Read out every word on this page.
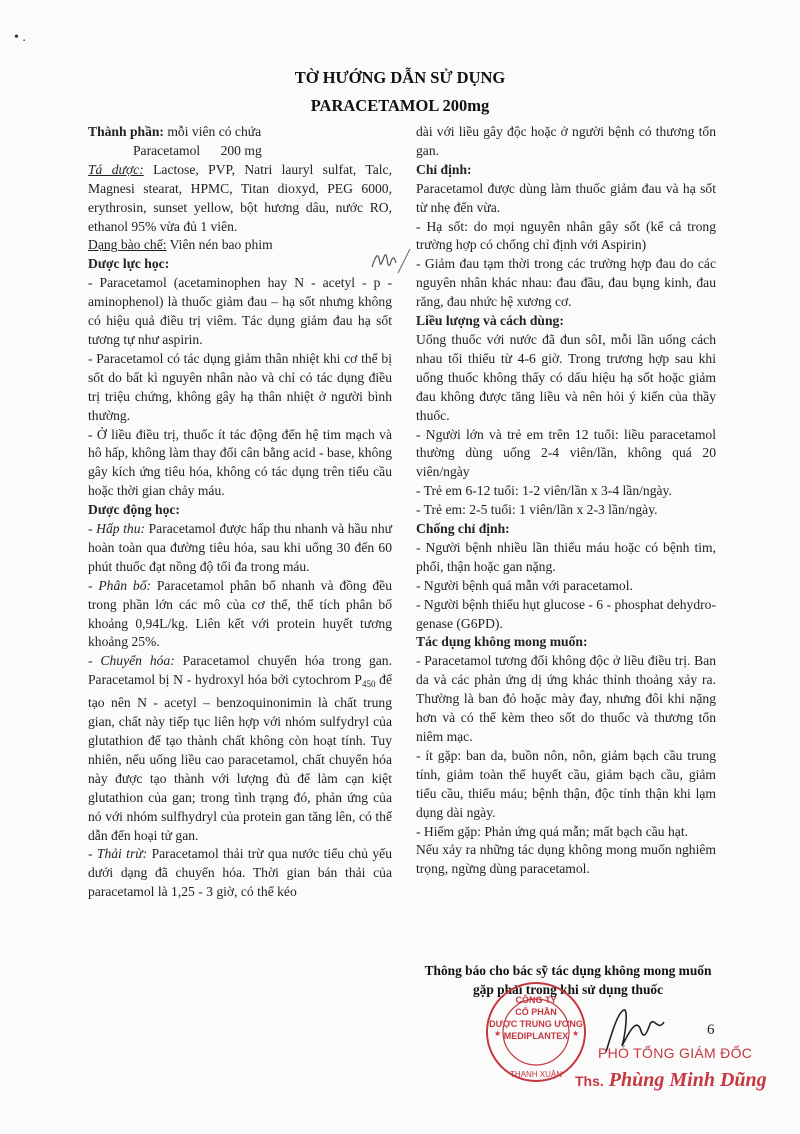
• .
TỜ HƯỚNG DẪN SỬ DỤNG
PARACETAMOL 200mg

Thành phần: mỗi viên có chứa

Paracetamol 200 mg

Tá dược: Lactose, PVP, Natri lauryl sulfat, Talc, Magnesi stearat, HPMC, Titan dioxyd, PEG 6000, erythrosin, sunset yellow, bột hương dâu, nước RO, ethanol 95% vừa đủ 1 viên.

Dạng bào chế: Viên nén bao phim

Dược lực học:

- Paracetamol (acetaminophen hay N - acetyl - p - aminophenol) là thuốc giảm đau – hạ sốt nhưng không có hiệu quả điều trị viêm. Tác dụng giảm đau hạ sốt tương tự như aspirin.

- Paracetamol có tác dụng giảm thân nhiệt khi cơ thể bị sốt do bất kì nguyên nhân nào và chỉ có tác dụng điều trị triệu chứng, không gây hạ thân nhiệt ở người bình thường.

- Ở liều điều trị, thuốc ít tác động đến hệ tim mạch và hô hấp, không làm thay đổi cân bằng acid - base, không gây kích ứng tiêu hóa, không có tác dụng trên tiểu cầu hoặc thời gian chảy máu.

Dược động học:

- Hấp thu: Paracetamol được hấp thu nhanh và hầu như hoàn toàn qua đường tiêu hóa, sau khi uống 30 đến 60 phút thuốc đạt nồng độ tối đa trong máu.

- Phân bố: Paracetamol phân bố nhanh và đồng đều trong phần lớn các mô của cơ thể, thể tích phân bố khoảng 0,94L/kg. Liên kết với protein huyết tương khoảng 25%.

- Chuyển hóa: Paracetamol chuyển hóa trong gan. Paracetamol bị N - hydroxyl hóa bởi cytochrom $P_{450}$ để tạo nên N - acetyl – benzoquinonimin là chất trung gian, chất này tiếp tục liên hợp với nhóm sulfydryl của glutathion để tạo thành chất không còn hoạt tính. Tuy nhiên, nếu uống liều cao paracetamol, chất chuyển hóa này được tạo thành với lượng đủ để làm cạn kiệt glutathion của gan; trong tình trạng đó, phản ứng của nó với nhóm sulfhydryl của protein gan tăng lên, có thể dẫn đến hoại tử gan.

- Thải trừ: Paracetamol thải trừ qua nước tiểu chủ yếu dưới dạng đã chuyển hóa. Thời gian bán thải của paracetamol là 1,25 - 3 giờ, có thể kéo

dài với liều gây độc hoặc ở người bệnh có thương tổn gan.

Chỉ định:

Paracetamol được dùng làm thuốc giảm đau và hạ sốt từ nhẹ đến vừa.

- Hạ sốt: do mọi nguyên nhân gây sốt (kể cả trong trường hợp có chống chỉ định với Aspirin)

- Giảm đau tạm thời trong các trường hợp đau do các nguyên nhân khác nhau: đau đầu, đau bụng kinh, đau răng, đau nhức hệ xương cơ.

Liều lượng và cách dùng:

Uống thuốc với nước đã đun sôI, mỗi lần uống cách nhau tối thiểu từ 4-6 giờ. Trong trương hợp sau khi uống thuốc không thấy có dấu hiệu hạ sốt hoặc giảm đau không được tăng liều và nên hỏi ý kiến của thầy thuốc.

- Người lớn và trẻ em trên 12 tuổi: liều paracetamol thường dùng uống 2-4 viên/lần, không quá 20 viên/ngày

- Trẻ em 6-12 tuổi: 1-2 viên/lần x 3-4 lần/ngày.

- Trẻ em: 2-5 tuổi: 1 viên/lần x 2-3 lần/ngày.

Chống chỉ định:

- Người bệnh nhiều lần thiếu máu hoặc có bệnh tim, phổi, thận hoặc gan nặng.

- Người bệnh quá mẫn với paracetamol.

- Người bệnh thiếu hụt glucose - 6 - phosphat dehydro-genase (G6PD).

Tác dụng không mong muốn:

- Paracetamol tương đối không độc ở liều điều trị. Ban da và các phản ứng dị ứng khác thỉnh thoảng xảy ra. Thường là ban đỏ hoặc mày đay, nhưng đôi khi nặng hơn và có thể kèm theo sốt do thuốc và thương tổn niêm mạc.

- ít gặp: ban da, buồn nôn, nôn, giảm bạch cầu trung tính, giảm toàn thể huyết cầu, giảm bạch cầu, giảm tiểu cầu, thiếu máu; bệnh thận, độc tính thận khi lạm dụng dài ngày.

- Hiếm gặp: Phản ứng quá mẫn; mất bạch cầu hạt.

Nếu xảy ra những tác dụng không mong muốn nghiêm trọng, ngừng dùng paracetamol.

Thông báo cho bác sỹ tác dụng không mong muốn gặp phải trong khi sử dụng thuốc
THANH XUÂN
★	★
CÔNG TY
CỔ PHẦN
DƯỢC TRUNG ƯƠNG
MEDIPLANTEX	6
PHÓ TỔNG GIÁM ĐỐC
Ths. Phùng Minh Dũng
